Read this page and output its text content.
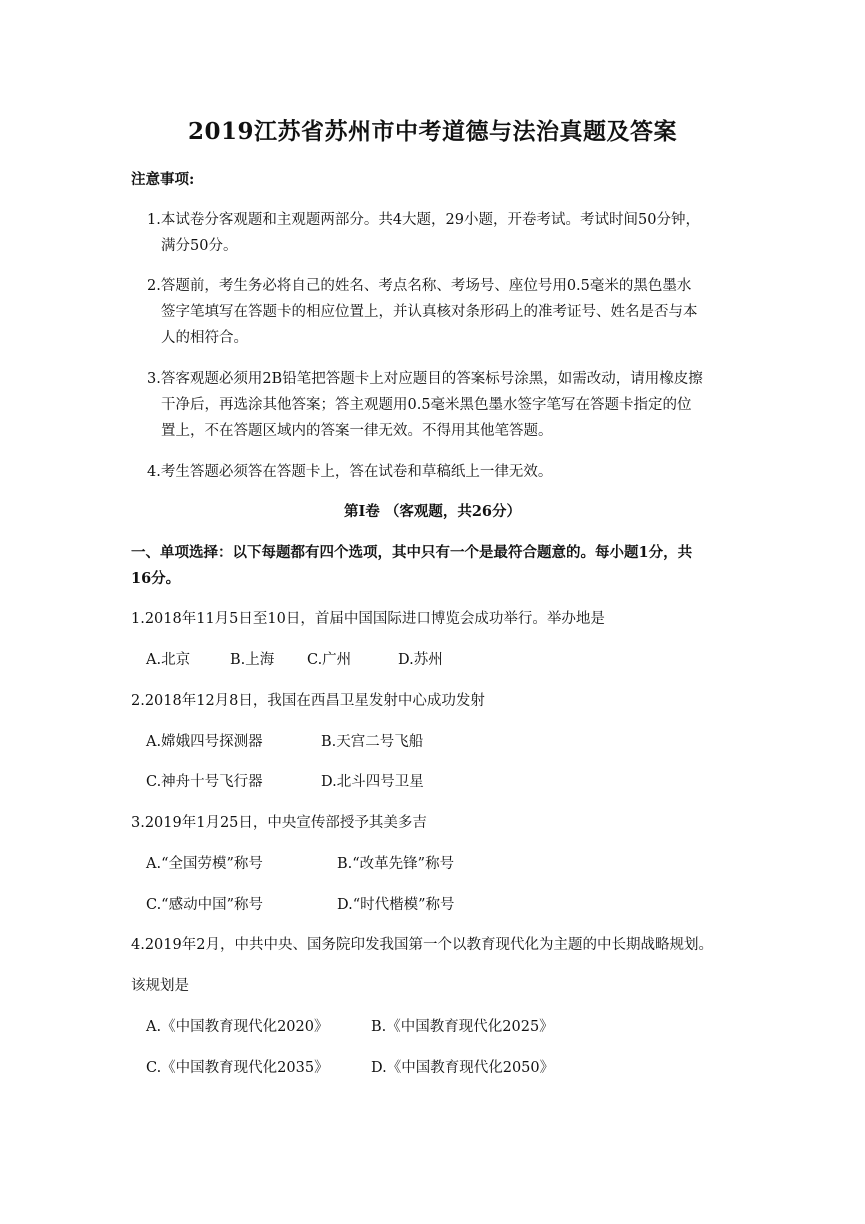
2019江苏省苏州市中考道德与法治真题及答案
注意事项:
1.本试卷分客观题和主观题两部分。共4大题，29小题，开卷考试。考试时间50分钟，
满分50分。
2.答题前，考生务必将自己的姓名、考点名称、考场号、座位号用0.5毫米的黑色墨水
签字笔填写在答题卡的相应位置上，并认真核对条形码上的准考证号、姓名是否与本
人的相符合。
3.答客观题必须用2B铅笔把答题卡上对应题目的答案标号涂黑，如需改动，请用橡皮擦
干净后，再选涂其他答案；答主观题用0.5毫米黑色墨水签字笔写在答题卡指定的位
置上，不在答题区域内的答案一律无效。不得用其他笔答题。
4.考生答题必须答在答题卡上，答在试卷和草稿纸上一律无效。
第Ⅰ卷 （客观题，共26分）
一、单项选择：以下每题都有四个选项，其中只有一个是最符合题意的。每小题1分，共
16分。
1.2018年11月5日至10日，首届中国国际进口博览会成功举行。举办地是
A.北京	B.上海 C.广州	D.苏州
2.2018年12月8日，我国在西昌卫星发射中心成功发射
A.嫦娥四号探测器	B.天宫二号飞船
C.神舟十号飞行器	D.北斗四号卫星
3.2019年1月25日，中央宣传部授予其美多吉
A.“全国劳模”称号	B.“改革先锋”称号
C.“感动中国”称号	D.“时代楷模”称号
4.2019年2月，中共中央、国务院印发我国第一个以教育现代化为主题的中长期战略规划。
该规划是
A.《中国教育现代化2020》	B.《中国教育现代化2025》
C.《中国教育现代化2035》	D.《中国教育现代化2050》
